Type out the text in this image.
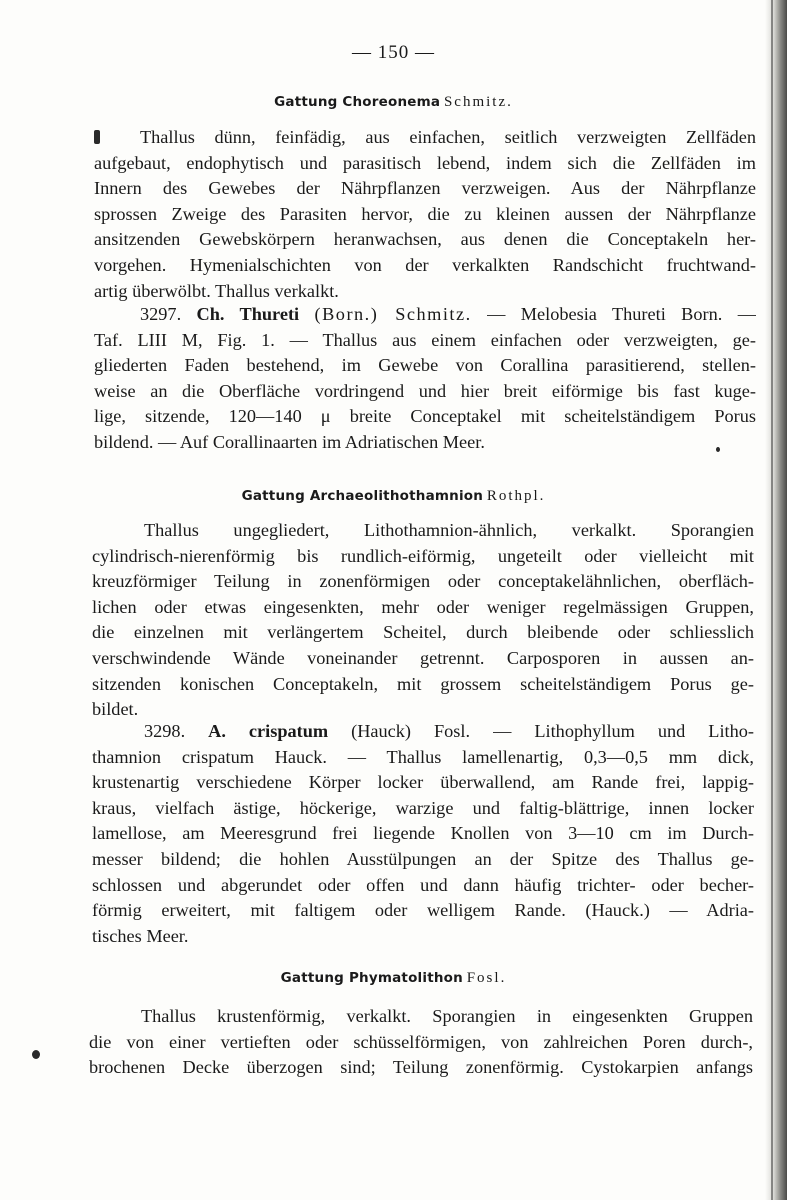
— 150 —
Gattung Choreonema Schmitz.
Thallus dünn, feinfädig, aus einfachen, seitlich verzweigten Zellfäden
aufgebaut, endophytisch und parasitisch lebend, indem sich die Zellfäden im
Innern des Gewebes der Nährpflanzen verzweigen. Aus der Nährpflanze
sprossen Zweige des Parasiten hervor, die zu kleinen aussen der Nährpflanze
ansitzenden Gewebskörpern heranwachsen, aus denen die Conceptakeln her-
vorgehen. Hymenialschichten von der verkalkten Randschicht fruchtwand-
artig überwölbt. Thallus verkalkt.
3297. Ch. Thureti (Born.) Schmitz. — Melobesia Thureti Born. —
Taf. LIII M, Fig. 1. — Thallus aus einem einfachen oder verzweigten, ge-
gliederten Faden bestehend, im Gewebe von Corallina parasitierend, stellen-
weise an die Oberfläche vordringend und hier breit eiförmige bis fast kuge-
lige, sitzende, 120—140 μ breite Conceptakel mit scheitelständigem Porus
bildend. — Auf Corallinaarten im Adriatischen Meer.
Gattung Archaeolithothamnion Rothpl.
Thallus ungegliedert, Lithothamnion-ähnlich, verkalkt. Sporangien
cylindrisch-nierenförmig bis rundlich-eiförmig, ungeteilt oder vielleicht mit
kreuzförmiger Teilung in zonenförmigen oder conceptakelähnlichen, oberfläch-
lichen oder etwas eingesenkten, mehr oder weniger regelmässigen Gruppen,
die einzelnen mit verlängertem Scheitel, durch bleibende oder schliesslich
verschwindende Wände voneinander getrennt. Carposporen in aussen an-
sitzenden konischen Conceptakeln, mit grossem scheitelständigem Porus ge-
bildet.
3298. A. crispatum (Hauck) Fosl. — Lithophyllum und Litho-
thamnion crispatum Hauck. — Thallus lamellenartig, 0,3—0,5 mm dick,
krustenartig verschiedene Körper locker überwallend, am Rande frei, lappig-
kraus, vielfach ästige, höckerige, warzige und faltig-blättrige, innen locker
lamellose, am Meeresgrund frei liegende Knollen von 3—10 cm im Durch-
messer bildend; die hohlen Ausstülpungen an der Spitze des Thallus ge-
schlossen und abgerundet oder offen und dann häufig trichter- oder becher-
förmig erweitert, mit faltigem oder welligem Rande. (Hauck.) — Adria-
tisches Meer.
Gattung Phymatolithon Fosl.
Thallus krustenförmig, verkalkt. Sporangien in eingesenkten Gruppen
die von einer vertieften oder schüsselförmigen, von zahlreichen Poren durch-,
brochenen Decke überzogen sind; Teilung zonenförmig. Cystokarpien anfangs
